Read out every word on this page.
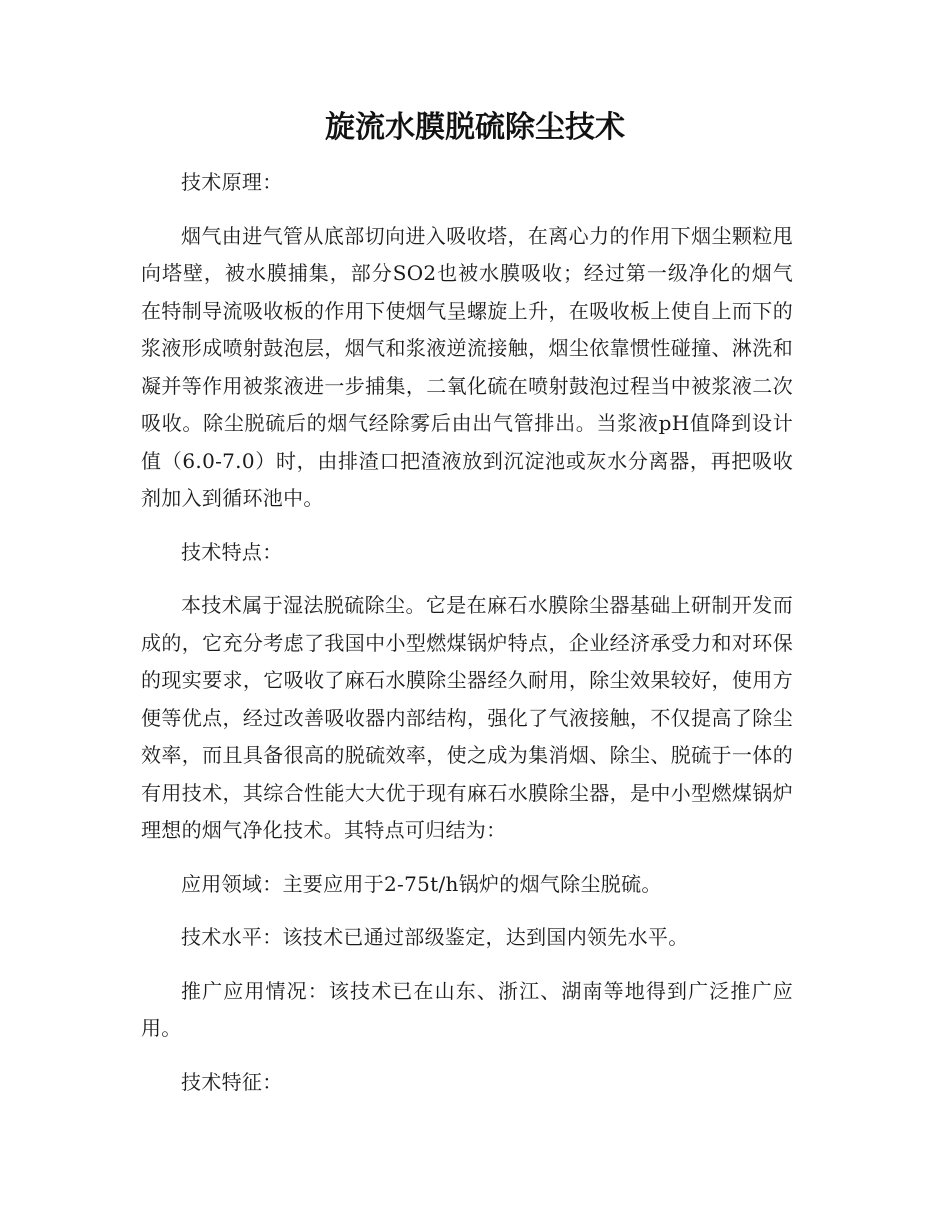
旋流水膜脱硫除尘技术

技术原理：

烟气由进气管从底部切向进入吸收塔，在离心力的作用下烟尘颗粒甩向塔壁，被水膜捕集，部分SO2也被水膜吸收；经过第一级净化的烟气在特制导流吸收板的作用下使烟气呈螺旋上升，在吸收板上使自上而下的浆液形成喷射鼓泡层，烟气和浆液逆流接触，烟尘依靠惯性碰撞、淋洗和凝并等作用被浆液进一步捕集，二氧化硫在喷射鼓泡过程当中被浆液二次吸收。除尘脱硫后的烟气经除雾后由出气管排出。当浆液pH值降到设计值（6.0-7.0）时，由排渣口把渣液放到沉淀池或灰水分离器，再把吸收剂加入到循环池中。

技术特点：

本技术属于湿法脱硫除尘。它是在麻石水膜除尘器基础上研制开发而成的，它充分考虑了我国中小型燃煤锅炉特点，企业经济承受力和对环保的现实要求，它吸收了麻石水膜除尘器经久耐用，除尘效果较好，使用方便等优点，经过改善吸收器内部结构，强化了气液接触，不仅提高了除尘效率，而且具备很高的脱硫效率，使之成为集消烟、除尘、脱硫于一体的有用技术，其综合性能大大优于现有麻石水膜除尘器，是中小型燃煤锅炉理想的烟气净化技术。其特点可归结为：

应用领域：主要应用于2-75t/h锅炉的烟气除尘脱硫。

技术水平：该技术已通过部级鉴定，达到国内领先水平。

推广应用情况：该技术已在山东、浙江、湖南等地得到广泛推广应用。

技术特征：
